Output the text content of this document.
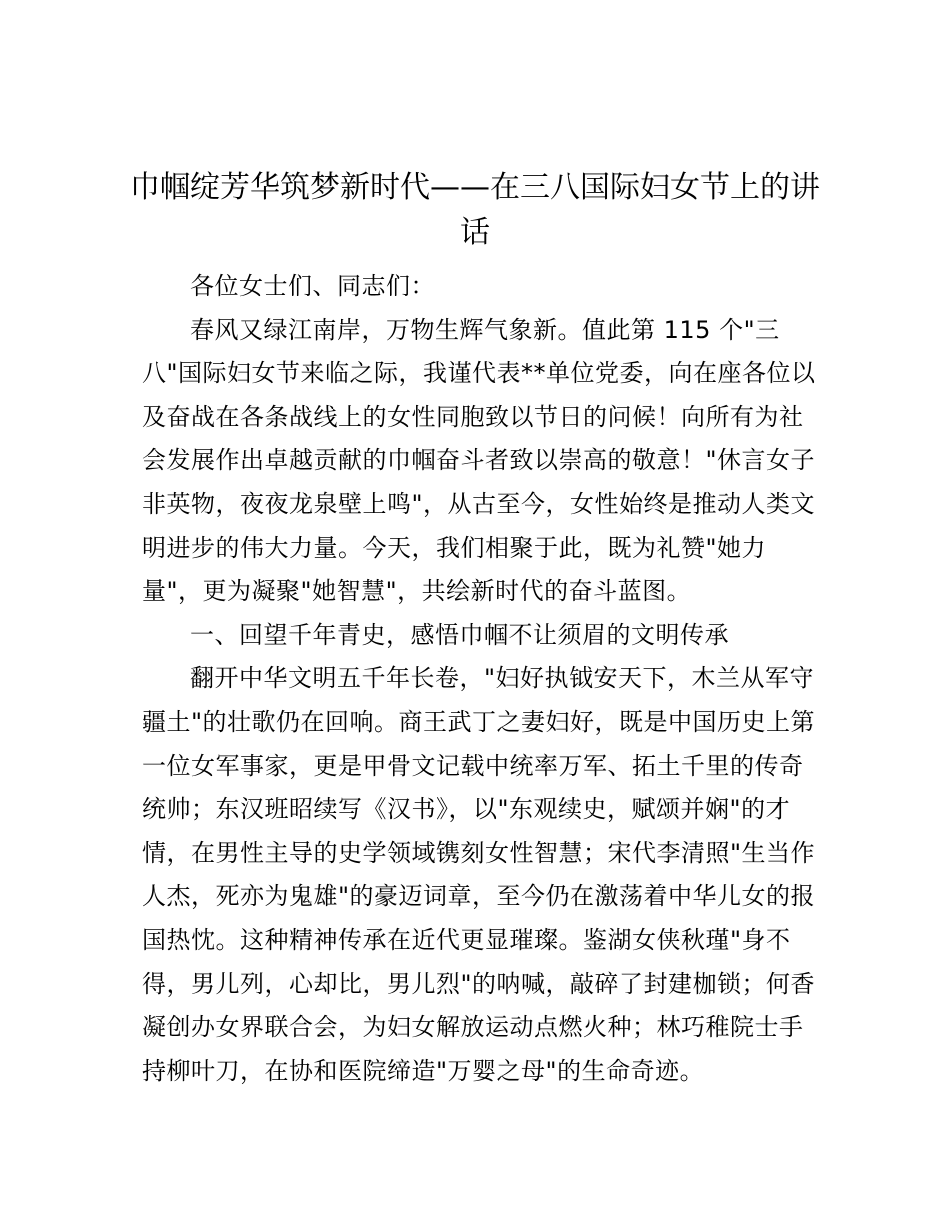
巾帼绽芳华筑梦新时代——在三八国际妇女节上的讲话

各位女士们、同志们：

春风又绿江南岸，万物生辉气象新。值此第 115 个"三八"国际妇女节来临之际，我谨代表**单位党委，向在座各位以及奋战在各条战线上的女性同胞致以节日的问候！向所有为社会发展作出卓越贡献的巾帼奋斗者致以崇高的敬意！"休言女子非英物，夜夜龙泉壁上鸣"，从古至今，女性始终是推动人类文明进步的伟大力量。今天，我们相聚于此，既为礼赞"她力量"，更为凝聚"她智慧"，共绘新时代的奋斗蓝图。

一、回望千年青史，感悟巾帼不让须眉的文明传承

翻开中华文明五千年长卷，"妇好执钺安天下，木兰从军守疆土"的壮歌仍在回响。商王武丁之妻妇好，既是中国历史上第一位女军事家，更是甲骨文记载中统率万军、拓土千里的传奇统帅；东汉班昭续写《汉书》，以"东观续史，赋颂并娴"的才情，在男性主导的史学领域镌刻女性智慧；宋代李清照"生当作人杰，死亦为鬼雄"的豪迈词章，至今仍在激荡着中华儿女的报国热忱。这种精神传承在近代更显璀璨。鉴湖女侠秋瑾"身不得，男儿列，心却比，男儿烈"的呐喊，敲碎了封建枷锁；何香凝创办女界联合会，为妇女解放运动点燃火种；林巧稚院士手持柳叶刀，在协和医院缔造"万婴之母"的生命奇迹。
